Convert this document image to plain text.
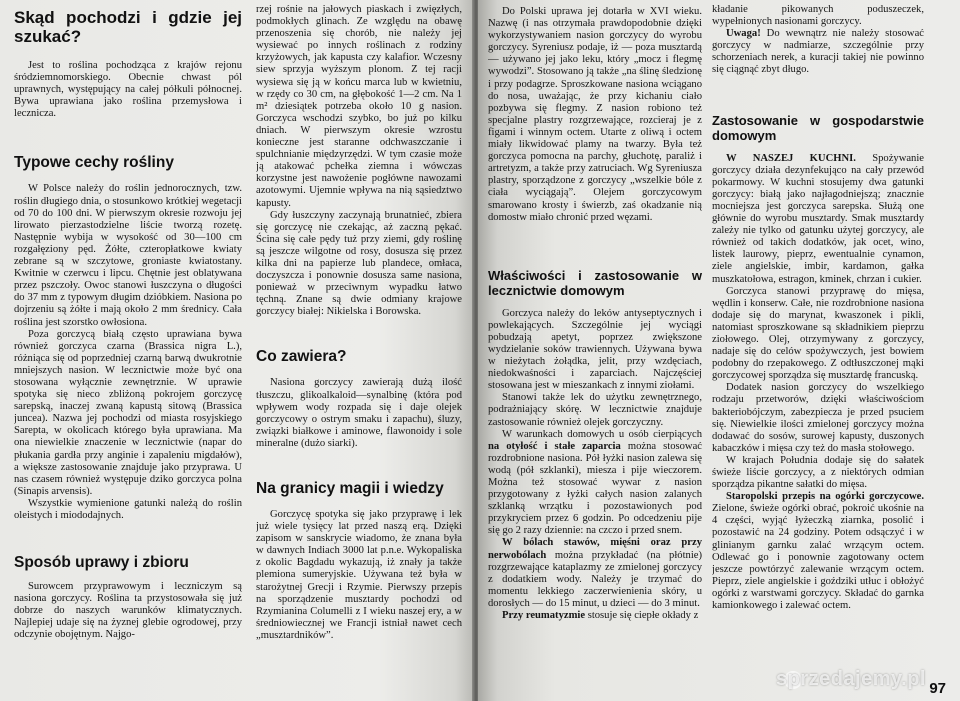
Skąd pochodzi i gdzie jej szukać?

Jest to roślina pochodząca z krajów rejonu śródziemnomorskiego. Obecnie chwast pól uprawnych, występujący na całej półkuli północnej. Bywa uprawiana jako roślina przemysłowa i lecznicza.

Typowe cechy rośliny

W Polsce należy do roślin jednorocznych, tzw. roślin długiego dnia, o stosunkowo krótkiej wegetacji od 70 do 100 dni. W pierwszym okresie rozwoju jej lirowato pierzastodzielne liście tworzą rozetę. Następnie wybija w wysokość od 30—100 cm rozgałęziony pęd. Żółte, czteropłatkowe kwiaty zebrane są w szczytowe, groniaste kwiatostany. Kwitnie w czerwcu i lipcu. Chętnie jest oblatywana przez pszczoły. Owoc stanowi łuszczyna o długości do 37 mm z typowym długim dzióbkiem. Nasiona po dojrzeniu są żółte i mają około 2 mm średnicy. Cała roślina jest szorstko owłosiona.

Poza gorczycą białą często uprawiana bywa również gorczyca czarna (Brassica nigra L.), różniąca się od poprzedniej czarną barwą dwukrotnie mniejszych nasion. W lecznictwie może być ona stosowana wyłącznie zewnętrznie. W uprawie spotyka się nieco zbliżoną pokrojem gorczycę sarepską, inaczej zwaną kapustą sitową (Brassica juncea). Nazwa jej pochodzi od miasta rosyjskiego Sarepta, w okolicach którego była uprawiana. Ma ona niewielkie znaczenie w lecznictwie (napar do płukania gardła przy anginie i zapaleniu migdałów), a większe zastosowanie znajduje jako przyprawa. U nas czasem również występuje dziko gorczyca polna (Sinapis arvensis).

Wszystkie wymienione gatunki należą do roślin oleistych i miododajnych.

Sposób uprawy i zbioru

Surowcem przyprawowym i leczniczym są nasiona gorczycy. Roślina ta przystosowała się już dobrze do naszych warunków klimatycznych. Najlepiej udaje się na żyznej glebie ogrodowej, przy odczynie obojętnym. Najgo-

rzej rośnie na jałowych piaskach i zwięzłych, podmokłych glinach. Ze względu na obawę przenoszenia się chorób, nie należy jej wysiewać po innych roślinach z rodziny krzyżowych, jak kapusta czy kalafior. Wczesny siew sprzyja wyższym plonom. Z tej racji wysiewa się ją w końcu marca lub w kwietniu, w rzędy co 30 cm, na głębokość 1—2 cm. Na 1 m² dziesiątek potrzeba około 10 g nasion. Gorczyca wschodzi szybko, bo już po kilku dniach. W pierwszym okresie wzrostu konieczne jest staranne odchwaszczanie i spulchnianie międzyrzędzi. W tym czasie może ją atakować pchełka ziemna i wówczas korzystne jest nawożenie pogłówne nawozami azotowymi. Ujemnie wpływa na nią sąsiedztwo kapusty.

Gdy łuszczyny zaczynają brunatnieć, zbiera się gorczycę nie czekając, aż zaczną pękać. Ścina się całe pędy tuż przy ziemi, gdy roślinę są jeszcze wilgotne od rosy, dosusza się przez kilka dni na papierze lub plandece, omłaca, doczyszcza i ponownie dosusza same nasiona, ponieważ w przeciwnym wypadku łatwo tęchną. Znane są dwie odmiany krajowe gorczycy białej: Nikielska i Borowska.

Co zawiera?

Nasiona gorczycy zawierają dużą ilość tłuszczu, glikoalkaloid—synalbinę (która pod wpływem wody rozpada się i daje olejek gorczycowy o ostrym smaku i zapachu), śluzy, związki białkowe i aminowe, flawonoidy i sole mineralne (dużo siarki).

Na granicy magii i wiedzy

Gorczycę spotyka się jako przyprawę i lek już wiele tysięcy lat przed naszą erą. Dzięki zapisom w sanskrycie wiadomo, że znana była w dawnych Indiach 3000 lat p.n.e. Wykopaliska z okolic Bagdadu wykazują, iż znały ja także plemiona sumeryjskie. Używana też była w starożytnej Grecji i Rzymie. Pierwszy przepis na sporządzenie musztardy pochodzi od Rzymianina Columelli z I wieku naszej ery, a w średniowiecznej we Francji istniał nawet cech „musztardników”.

Do Polski uprawa jej dotarła w XVI wieku. Nazwę (i nas otrzymała prawdopodobnie dzięki wykorzystywaniem nasion gorczycy do wyrobu gorczycy. Syreniusz podaje, iż — poza musztardą — używano jej jako leku, który „mocz i flegmę wywodzi”. Stosowano ją także „na ślinę śledzionę i przy podagrze. Sproszkowane nasiona wciągano do nosa, uważając, że przy kichaniu ciało pozbywa się flegmy. Z nasion robiono też specjalne plastry rozgrzewające, rozcieraj je z figami i winnym octem. Utarte z oliwą i octem miały likwidować plamy na twarzy. Była też gorczyca pomocna na parchy, głuchotę, paraliż i artretyzm, a także przy zatruciach. Wg Syreniusza plastry, sporządzone z gorczycy „wszelkie bóle z ciała wyciągają”. Olejem gorczycowym smarowano krosty i świerzb, zaś okadzanie nią domostw miało chronić przed węzami.

Właściwości i zastosowanie w lecznictwie domowym

Gorczyca należy do leków antyseptycznych i powlekających. Szczególnie jej wyciągi pobudzają apetyt, poprzez zwiększone wydzielanie soków trawiennych. Używana bywa w nieżytach żołądka, jelit, przy wzdęciach, niedokwaśności i zaparciach. Najczęściej stosowana jest w mieszankach z innymi ziołami.

Stanowi także lek do użytku zewnętrznego, podrażniający skórę. W lecznictwie znajduje zastosowanie również olejek gorczyczny.

W warunkach domowych u osób cierpiących na otyłość i stałe zaparcia można stosować rozdrobnione nasiona. Pół łyżki nasion zalewa się wodą (pół szklanki), miesza i pije wieczorem. Można też stosować wywar z nasion przygotowany z łyżki całych nasion zalanych szklanką wrzątku i pozostawionych pod przykryciem przez 6 godzin. Po odcedzeniu pije się go 2 razy dziennie: na czczo i przed snem.

W bólach stawów, mięśni oraz przy nerwobólach można przykładać (na płótnie) rozgrzewające kataplazmy ze zmielonej gorczycy z dodatkiem wody. Należy je trzymać do momentu lekkiego zaczerwienienia skóry, u dorosłych — do 15 minut, u dzieci — do 3 minut.

Przy reumatyzmie stosuje się ciepłe okłady z

kładanie pikowanych poduszeczek, wypełnionych nasionami gorczycy.

Uwaga! Do wewnątrz nie należy stosować gorczycy w nadmiarze, szczególnie przy schorzeniach nerek, a kuracji takiej nie powinno się ciągnąć zbyt długo.

Zastosowanie w gospodarstwie domowym

W NASZEJ KUCHNI. Spożywanie gorczycy działa dezynfekująco na cały przewód pokarmowy. W kuchni stosujemy dwa gatunki gorczycy: białą jako najłagodniejszą; znacznie mocniejsza jest gorczyca sarepska. Służą one głównie do wyrobu musztardy. Smak musztardy zależy nie tylko od gatunku użytej gorczycy, ale również od takich dodatków, jak ocet, wino, listek laurowy, pieprz, ewentualnie cynamon, ziele angielskie, imbir, kardamon, gałka muszkatołowa, estragon, kminek, chrzan i cukier.

Gorczyca stanowi przyprawę do mięsa, wędlin i konserw. Całe, nie rozdrobnione nasiona dodaje się do marynat, kwaszonek i pikli, natomiast sproszkowane są składnikiem pieprzu ziołowego. Olej, otrzymywany z gorczycy, nadaje się do celów spożywczych, jest bowiem podobny do rzepakowego. Z odtłuszczonej mąki gorczycowej sporządza się musztardę francuską.

Dodatek nasion gorczycy do wszelkiego rodzaju przetworów, dzięki właściwościom bakteriobójczym, zabezpiecza je przed psuciem się. Niewielkie ilości zmielonej gorczycy można dodawać do sosów, surowej kapusty, duszonych kabaczków i mięsa czy też do masła stołowego.

W krajach Południa dodaje się do sałatek świeże liście gorczycy, a z niektórych odmian sporządza pikantne sałatki do mięsa.

Staropolski przepis na ogórki gorczycowe. Zielone, świeże ogórki obrać, pokroić ukośnie na 4 części, wyjąć łyżeczką ziarnka, posolić i pozostawić na 24 godziny. Potem odsączyć i w glinianym garnku zalać wrzącym octem. Odlewać go i ponownie zagotowany octem jeszcze powtórzyć zalewanie wrzącym octem. Pieprz, ziele angielskie i goździki utłuc i obłożyć ogórki z warstwami gorczycy. Składać do garnka kamionkowego i zalewać octem.

97
sprzedajemy.pl
